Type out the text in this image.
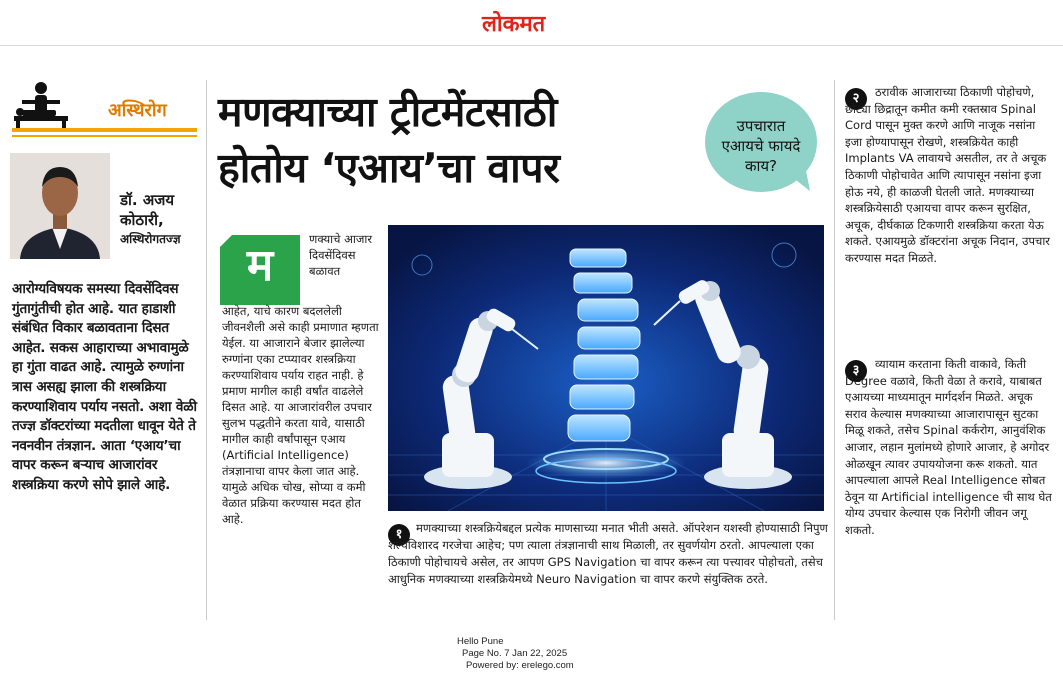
लोकमत
अस्थिरोग
डॉ. अजय कोठारी,
अस्थिरोगतज्ज्ञ
आरोग्यविषयक समस्या दिवसेंदिवस गुंतागुंतीची होत आहे. यात हाडाशी संबंधित विकार बळावताना दिसत आहेत. सकस आहाराच्या अभावामुळे हा गुंता वाढत आहे. त्यामुळे रुग्णांना त्रास असह्य झाला की शस्त्रक्रिया करण्याशिवाय पर्याय नसतो. अशा वेळी तज्ज्ञ डॉक्टरांच्या मदतीला धावून येते ते नवनवीन तंत्रज्ञान. आता ‘एआय’चा वापर करून बऱ्याच आजारांवर शस्त्रक्रिया करणे सोपे झाले आहे.
मणक्याच्या ट्रीटमेंटसाठी
होतोय ‘एआय’चा वापर
उपचारात
एआयचे फायदे
काय?
म
णक्याचे आजार दिवसेंदिवस बळावत
आहेत, याचे कारण बदललेली जीवनशैली असे काही प्रमाणात म्हणता येईल. या आजाराने बेजार झालेल्या रुग्णांना एका टप्प्यावर शस्त्रक्रिया करण्याशिवाय पर्याय राहत नाही. हे प्रमाण मागील काही वर्षांत वाढलेले दिसत आहे. या आजारांवरील उपचार सुलभ पद्धतीने करता यावे, यासाठी मागील काही वर्षांपासून एआय (Artificial Intelligence) तंत्रज्ञानाचा वापर केला जात आहे. यामुळे अधिक चोख, सोप्या व कमी वेळात प्रक्रिया करण्यास मदत होत आहे.
१	मणक्याच्या शस्त्रक्रियेबद्दल प्रत्येक माणसाच्या मनात भीती असते. ऑपरेशन यशस्वी होण्यासाठी निपुण शल्यविशारद गरजेचा आहेच; पण त्याला तंत्रज्ञानाची साथ मिळाली, तर सुवर्णयोग ठरतो. आपल्याला एका ठिकाणी पोहोचायचे असेल, तर आपण GPS Navigation चा वापर करून त्या पत्त्यावर पोहोचतो, तसेच आधुनिक मणक्याच्या शस्त्रक्रियेमध्ये Neuro Navigation चा वापर करणे संयुक्तिक ठरते.
२	ठरावीक आजाराच्या ठिकाणी पोहोचणे, छोट्या छिद्रातून कमीत कमी रक्तस्राव Spinal Cord पासून मुक्त करणे आणि नाजूक नसांना इजा होण्यापासून रोखणे, शस्त्रक्रियेत काही Implants VA लावायचे असतील, तर ते अचूक ठिकाणी पोहोचावेत आणि त्यापासून नसांना इजा होऊ नये, ही काळजी घेतली जाते. मणक्याच्या शस्त्रक्रियेसाठी एआयचा वापर करून सुरक्षित, अचूक, दीर्घकाळ टिकणारी शस्त्रक्रिया करता येऊ शकते. एआयमुळे डॉक्टरांना अचूक निदान, उपचार करण्यास मदत मिळते.
३	व्यायाम करताना किती वाकावे, किती Degree वळावे, किती वेळा ते करावे, याबाबत एआयच्या माध्यमातून मार्गदर्शन मिळते. अचूक सराव केल्यास मणक्याच्या आजारापासून सुटका मिळू शकते, तसेच Spinal कर्करोग, आनुवंशिक आजार, लहान मुलांमध्ये होणारे आजार, हे अगोदर ओळखून त्यावर उपाययोजना करू शकतो. यात आपल्याला आपले Real Intelligence सोबत ठेवून या Artificial intelligence ची साथ घेत योग्य उपचार केल्यास एक निरोगी जीवन जगू शकतो.
Hello Pune
Page No. 7 Jan 22, 2025
Powered by: erelego.com
